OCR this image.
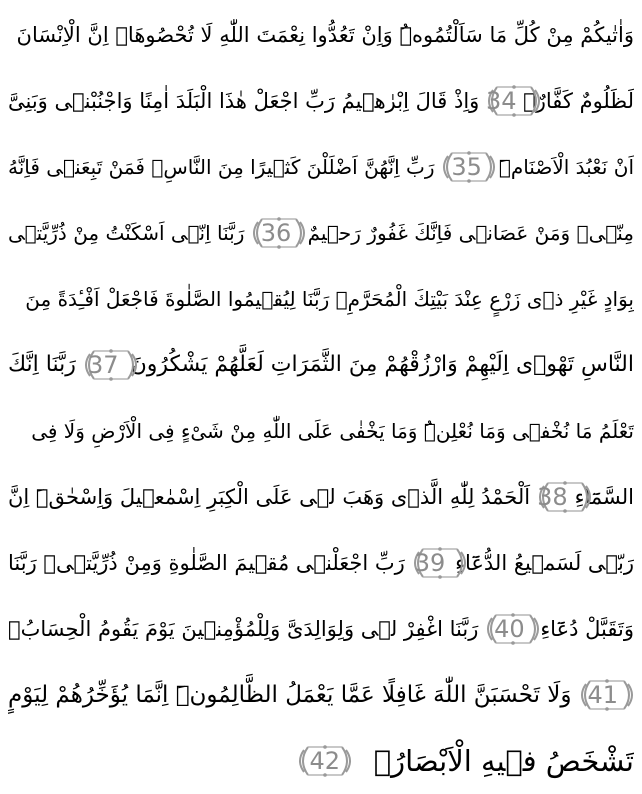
وَاٰتٰيكُمْ مِنْ كُلِّ مَا سَاَلْتُمُوهُۜ وَاِنْ تَعُدُّوا نِعْمَتَ اللّٰهِ لَا تُحْصُوهَاۜ اِنَّ الْاِنْسَانَ
لَظَلُومٌ كَفَّارٌ۟
34
وَاِذْ قَالَ اِبْرٰهٖيمُ رَبِّ اجْعَلْ هٰذَا الْبَلَدَ اٰمِنًا وَاجْنُبْنٖى وَبَنِىَّ
اَنْ نَعْبُدَ الْاَصْنَامَۜ
35
رَبِّ اِنَّهُنَّ اَضْلَلْنَ كَثٖيرًا مِنَ النَّاسِۚ فَمَنْ تَبِعَنٖى فَاِنَّهُ
مِنّٖىۚ وَمَنْ عَصَانٖى فَاِنَّكَ غَفُورٌ رَحٖيمٌ
36
رَبَّنَا اِنّٖى اَسْكَنْتُ مِنْ ذُرِّيَّتٖى
بِوَادٍ غَيْرِ ذٖى زَرْعٍ عِنْدَ بَيْتِكَ الْمُحَرَّمِۙ رَبَّنَا لِيُقٖيمُوا الصَّلٰوةَ فَاجْعَلْ اَفْـِٔدَةً مِنَ
النَّاسِ تَهْوٖى اِلَيْهِمْ وَارْزُقْهُمْ مِنَ الثَّمَرَاتِ لَعَلَّهُمْ يَشْكُرُونَ
37
رَبَّنَا اِنَّكَ
تَعْلَمُ مَا نُخْفٖى وَمَا نُعْلِنُۜ وَمَا يَخْفٰى عَلَى اللّٰهِ مِنْ شَیْءٍ فِى الْاَرْضِ وَلَا فِى
السَّمَٓاءِ
38
اَلْحَمْدُ لِلّٰهِ الَّذٖى وَهَبَ لٖى عَلَى الْكِبَرِ اِسْمٰعٖيلَ وَاِسْحٰقَۜ اِنَّ
رَبّٖى لَسَمٖيعُ الدُّعَٓاءِ
39
رَبِّ اجْعَلْنٖى مُقٖيمَ الصَّلٰوةِ وَمِنْ ذُرِّيَّتٖىۗ رَبَّنَا
وَتَقَبَّلْ دُعَٓاءِ
40
رَبَّنَا اغْفِرْ لٖى وَلِوَالِدَىَّ وَلِلْمُؤْمِنٖينَ يَوْمَ يَقُومُ الْحِسَابُ۟
41
وَلَا تَحْسَبَنَّ اللّٰهَ غَافِلًا عَمَّا يَعْمَلُ الظَّالِمُونَۜ اِنَّمَا يُؤَخِّرُهُمْ لِيَوْمٍ
تَشْخَصُ فٖيهِ الْاَبْصَارُۙ
42
